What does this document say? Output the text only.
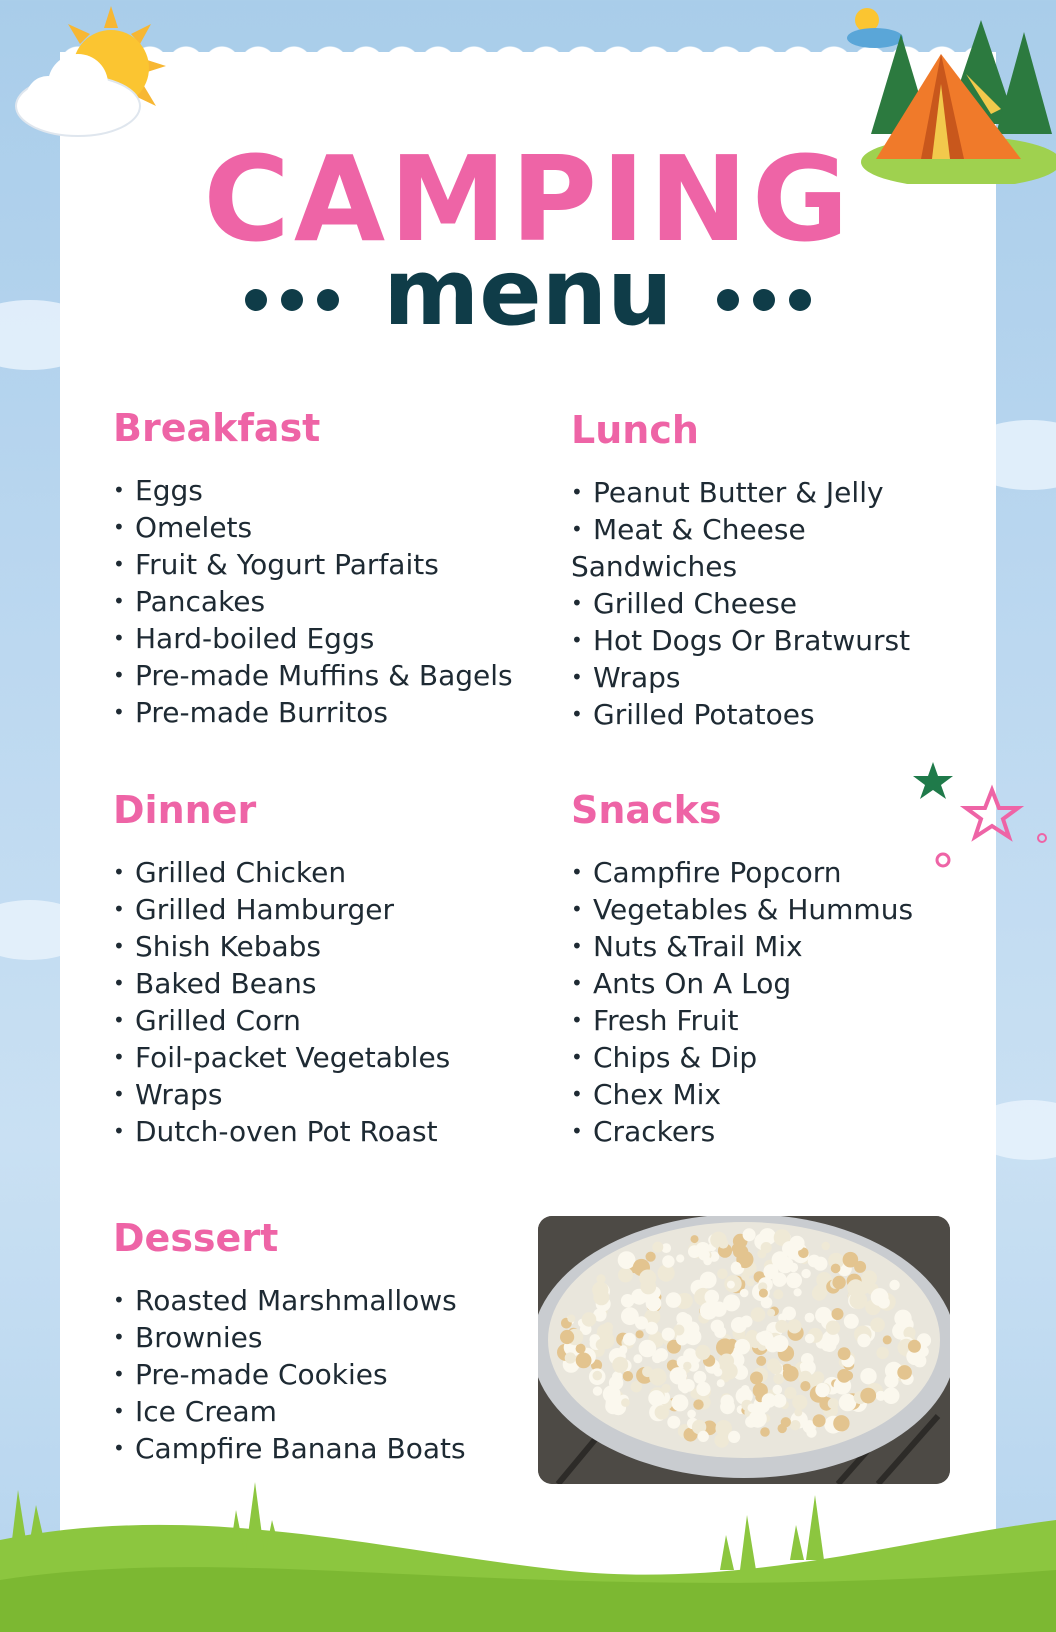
CAMPING
menu
Breakfast
• Eggs
• Omelets
• Fruit & Yogurt Parfaits
• Pancakes
• Hard-boiled Eggs
• Pre-made Muffins & Bagels
• Pre-made Burritos
Lunch
• Peanut Butter & Jelly
• Meat & Cheese Sandwiches
• Grilled Cheese
• Hot Dogs Or Bratwurst
• Wraps
• Grilled Potatoes
Dinner
• Grilled Chicken
• Grilled Hamburger
• Shish Kebabs
• Baked Beans
• Grilled Corn
• Foil-packet Vegetables
• Wraps
• Dutch-oven Pot Roast
Snacks
• Campfire Popcorn
• Vegetables & Hummus
• Nuts &Trail Mix
• Ants On A Log
• Fresh Fruit
• Chips & Dip
• Chex Mix
• Crackers
Dessert
• Roasted Marshmallows
• Brownies
• Pre-made Cookies
• Ice Cream
• Campfire Banana Boats
